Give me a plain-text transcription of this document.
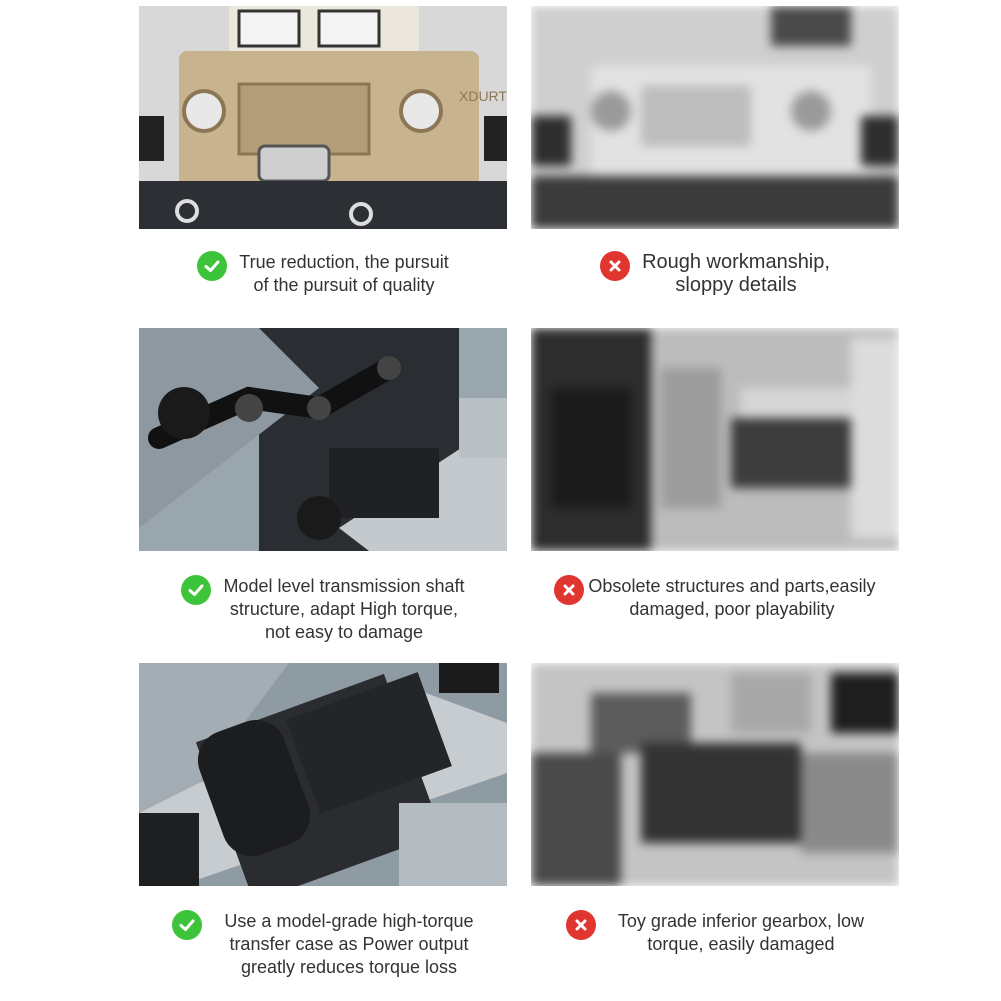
XDURT
True reduction, the pursuit
of the pursuit of quality
Rough workmanship,
sloppy details
Model level transmission shaft
structure, adapt High torque,
not easy to damage
Obsolete structures and parts,easily
damaged, poor playability
Use a model-grade high-torque
transfer case as Power output
greatly reduces torque loss
Toy grade inferior gearbox, low
torque, easily damaged
